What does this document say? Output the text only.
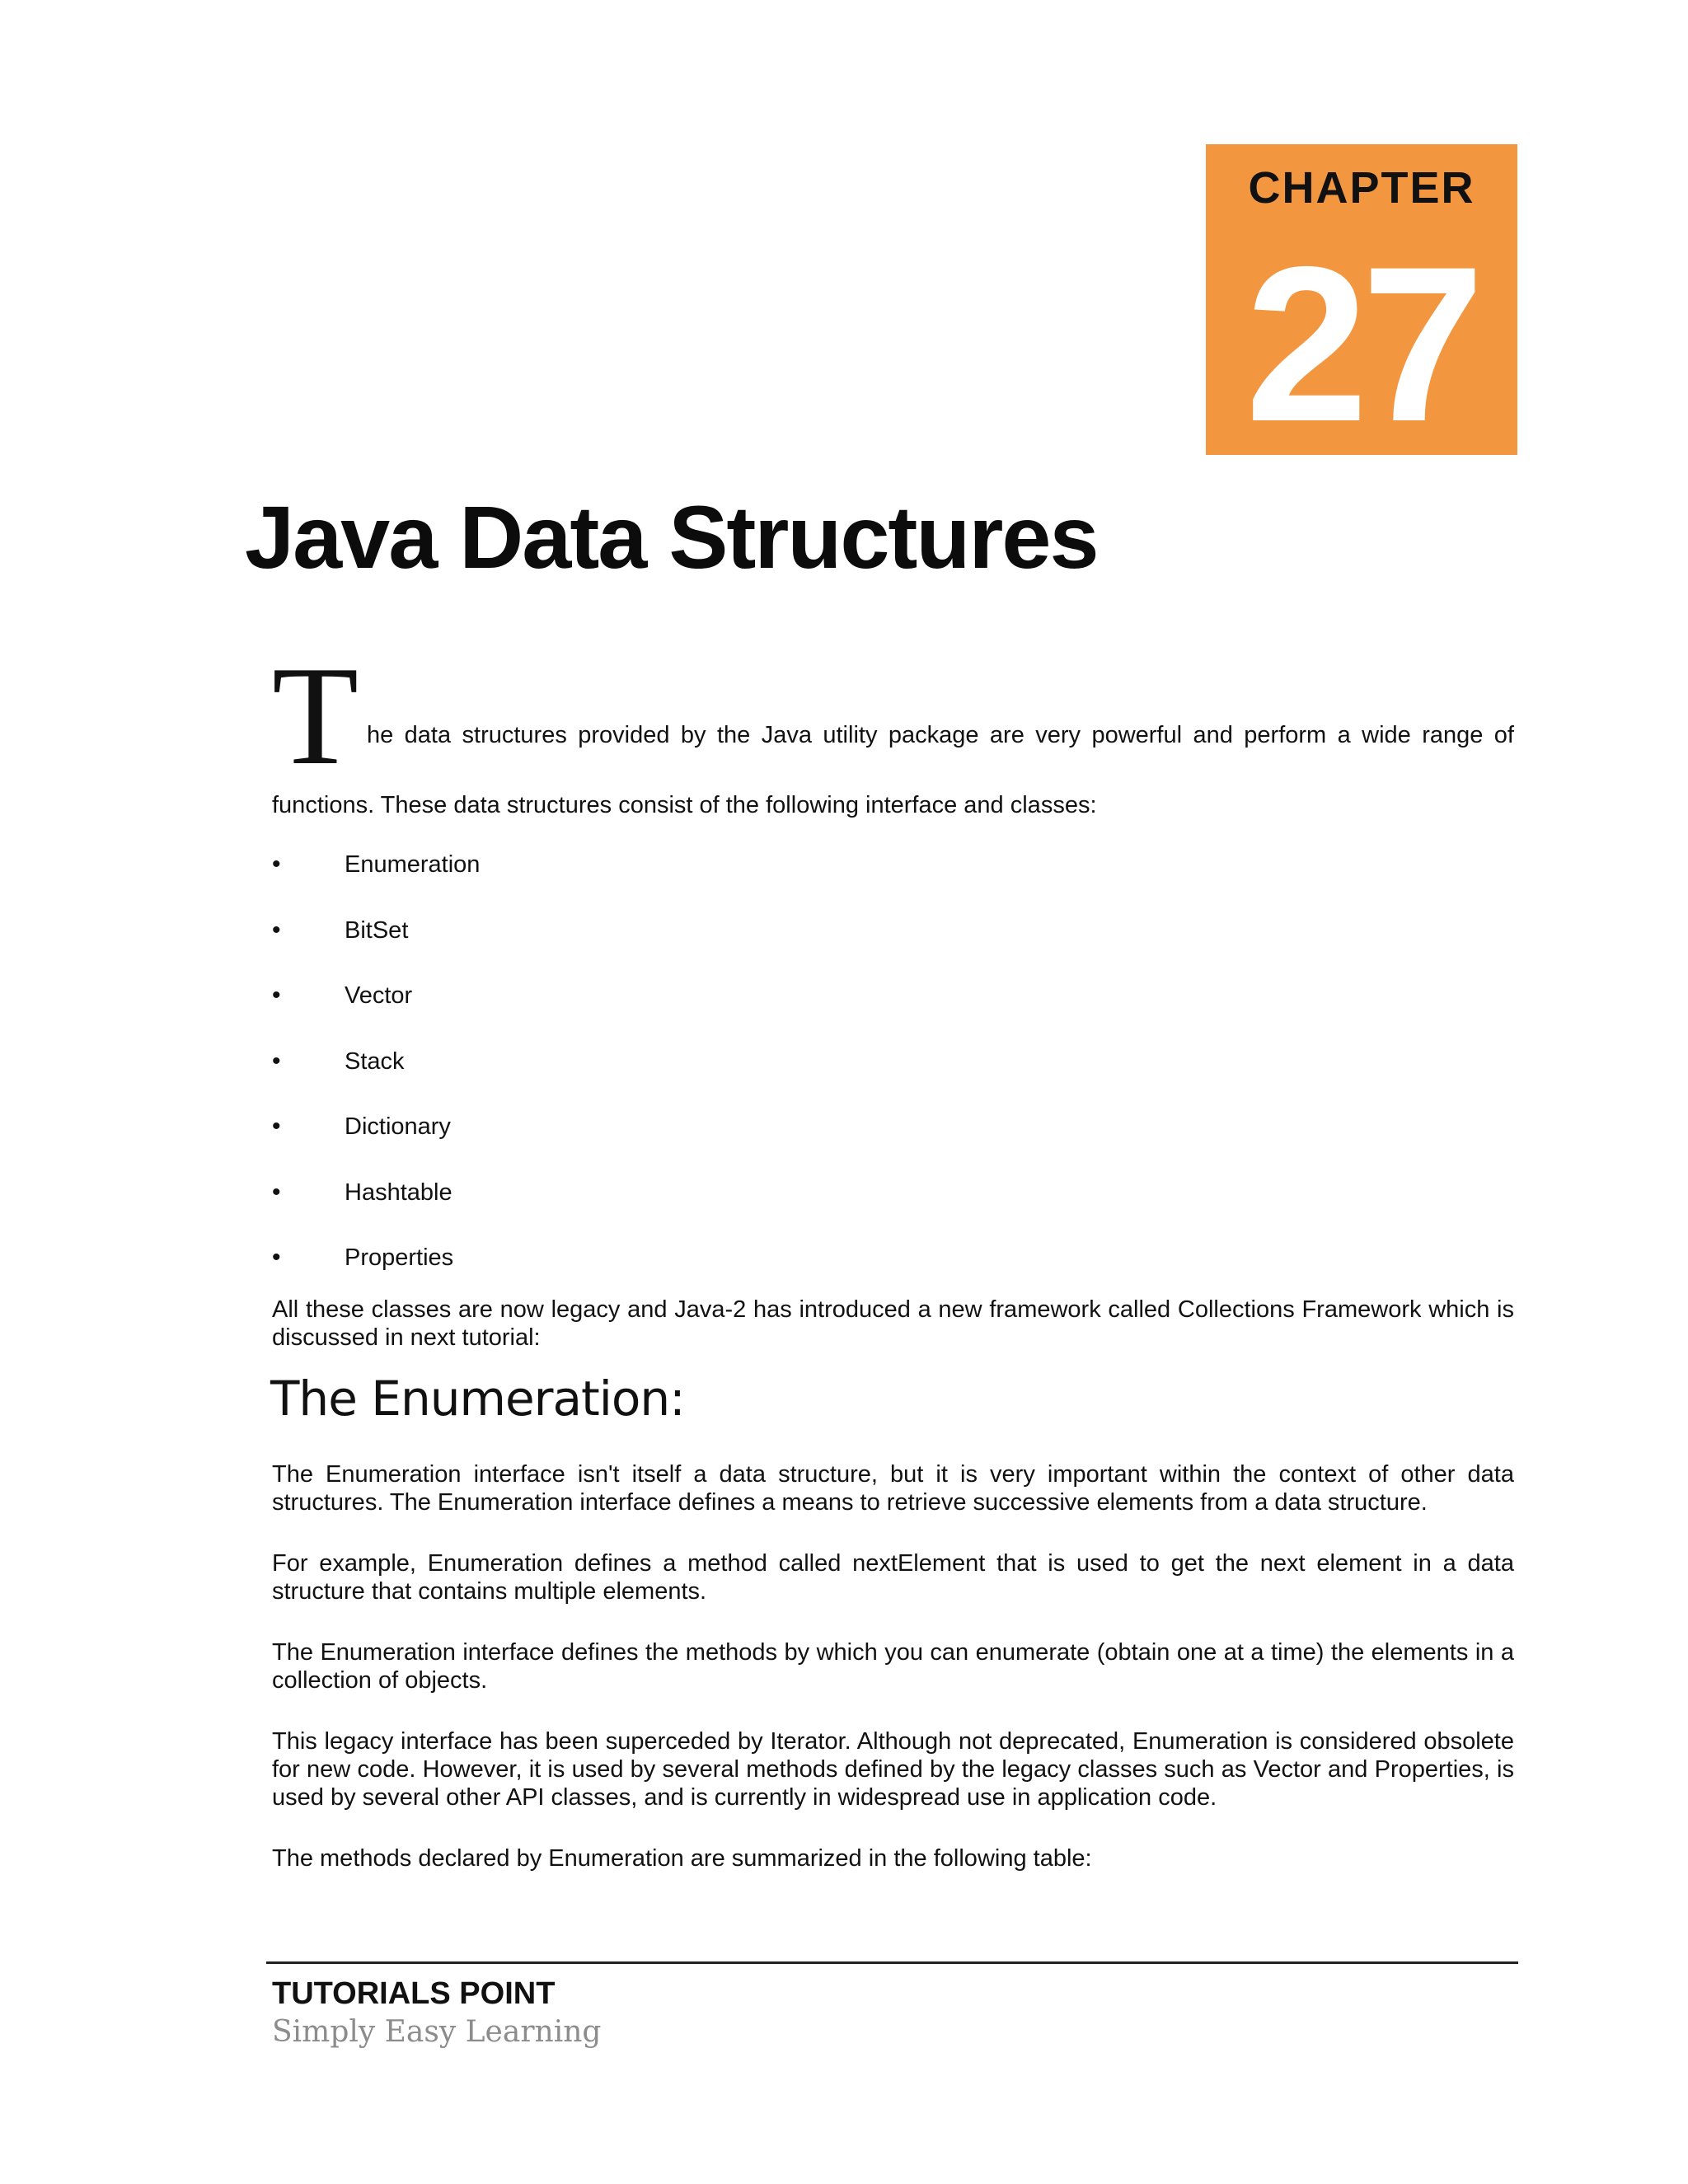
CHAPTER
27
Java Data Structures
T he data structures provided by the Java utility package are very powerful and perform a wide range of
functions. These data structures consist of the following interface and classes:
•	Enumeration
•	BitSet
•	Vector
•	Stack
•	Dictionary
•	Hashtable
•	Properties

All these classes are now legacy and Java-2 has introduced a new framework called Collections Framework which is discussed in next tutorial:

The Enumeration:

The Enumeration interface isn't itself a data structure, but it is very important within the context of other data structures. The Enumeration interface defines a means to retrieve successive elements from a data structure.

For example, Enumeration defines a method called nextElement that is used to get the next element in a data structure that contains multiple elements.

The Enumeration interface defines the methods by which you can enumerate (obtain one at a time) the elements in a collection of objects.

This legacy interface has been superceded by Iterator. Although not deprecated, Enumeration is considered obsolete for new code. However, it is used by several methods defined by the legacy classes such as Vector and Properties, is used by several other API classes, and is currently in widespread use in application code.

The methods declared by Enumeration are summarized in the following table:

TUTORIALS POINT
Simply Easy Learning
